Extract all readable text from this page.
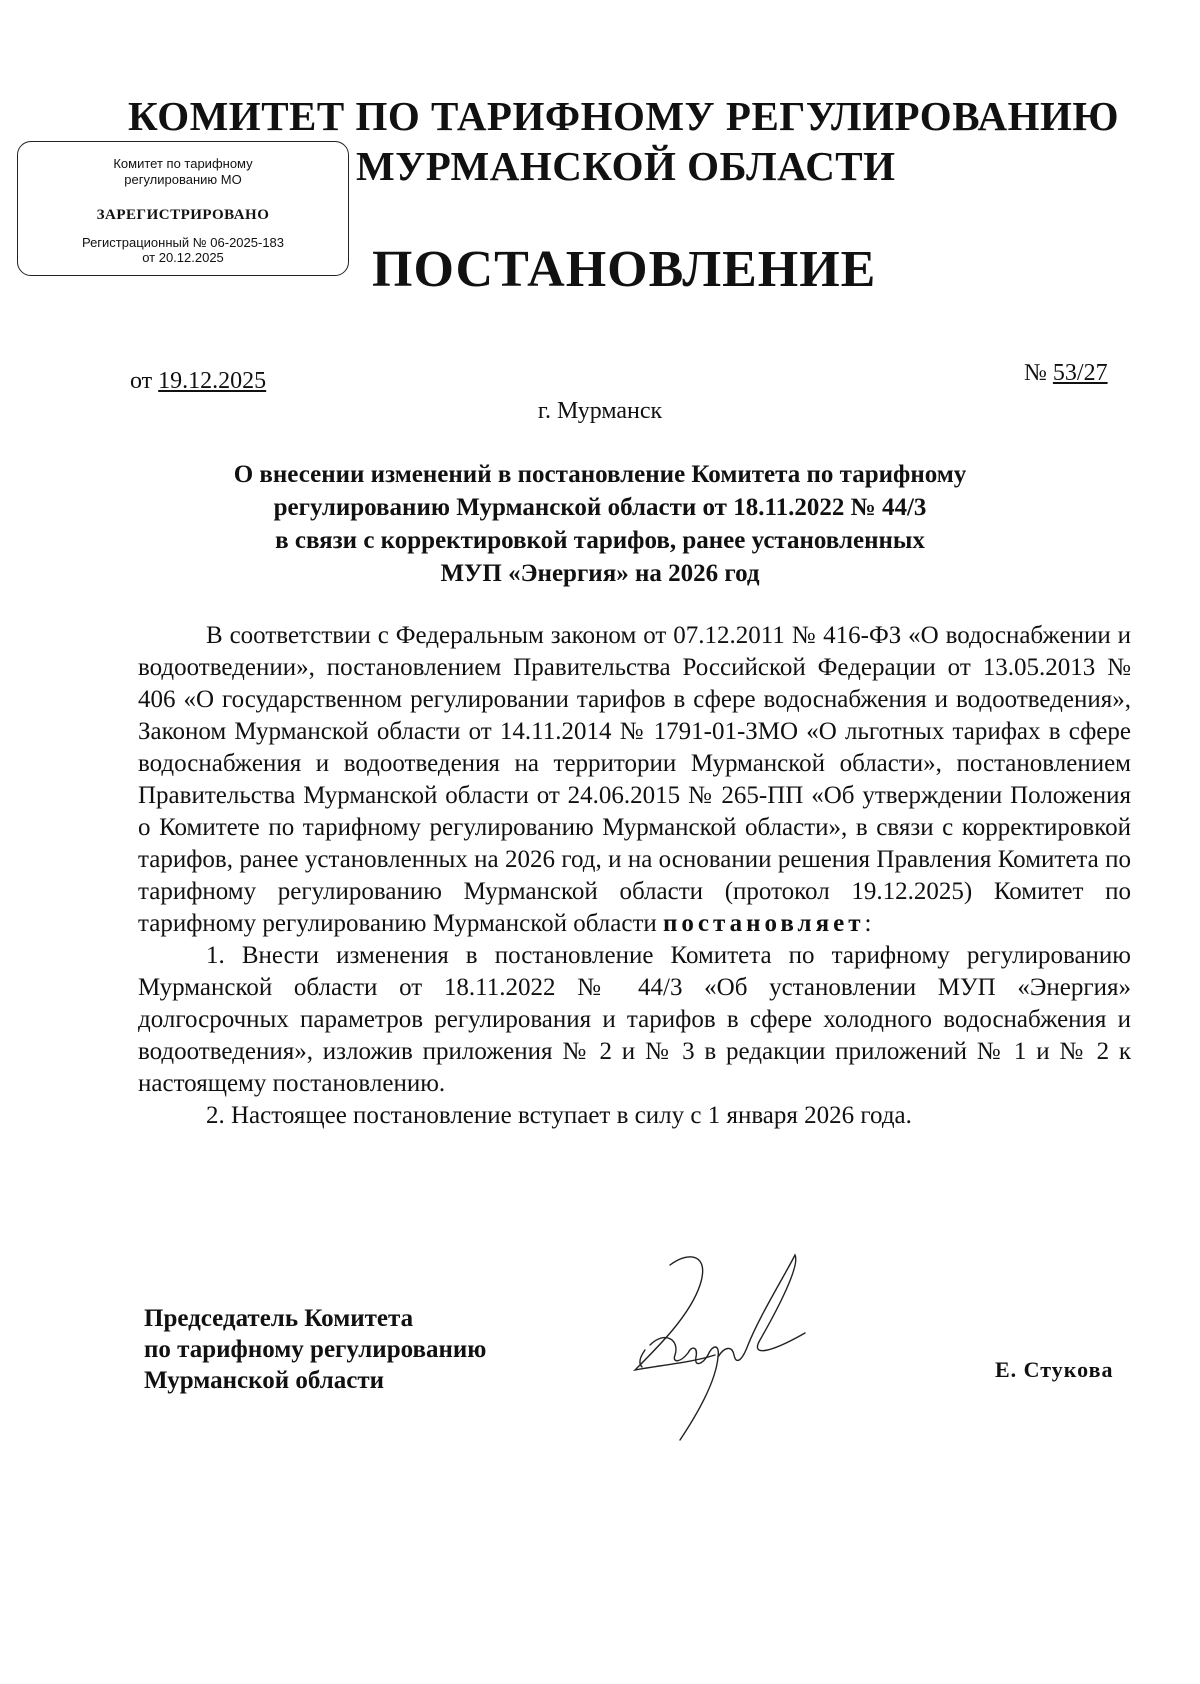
КОМИТЕТ ПО ТАРИФНОМУ РЕГУЛИРОВАНИЮ
МУРМАНСКОЙ ОБЛАСТИ
Комитет по тарифному регулированию МО
ЗАРЕГИСТРИРОВАНО
Регистрационный № 06-2025-183
от 20.12.2025	ПОСТАНОВЛЕНИЕ
от 19.12.2025	№ 53/27
г. Мурманск
О внесении изменений в постановление Комитета по тарифному
регулированию Мурманской области от 18.11.2022 № 44/3
в связи с корректировкой тарифов, ранее установленных
МУП «Энергия» на 2026 год

В соответствии с Федеральным законом от 07.12.2011 № 416-ФЗ «О водоснабжении и водоотведении», постановлением Правительства Российской Федерации от 13.05.2013 № 406 «О государственном регулировании тарифов в сфере водоснабжения и водоотведения», Законом Мурманской области от 14.11.2014 № 1791-01-ЗМО «О льготных тарифах в сфере водоснабжения и водоотведения на территории Мурманской области», постановлением Правительства Мурманской области от 24.06.2015 № 265-ПП «Об утверждении Положения о Комитете по тарифному регулированию Мурманской области», в связи с корректировкой тарифов, ранее установленных на 2026 год, и на основании решения Правления Комитета по тарифному регулированию Мурманской области (протокол 19.12.2025) Комитет по тарифному регулированию Мурманской области постановляет:

1. Внести изменения в постановление Комитета по тарифному регулированию Мурманской области от 18.11.2022 № 44/3 «Об установлении МУП «Энергия» долгосрочных параметров регулирования и тарифов в сфере холодного водоснабжения и водоотведения», изложив приложения № 2 и № 3 в редакции приложений № 1 и № 2 к настоящему постановлению.

2. Настоящее постановление вступает в силу с 1 января 2026 года.

Председатель Комитета
по тарифному регулированию
Мурманской области	Е. Стукова
